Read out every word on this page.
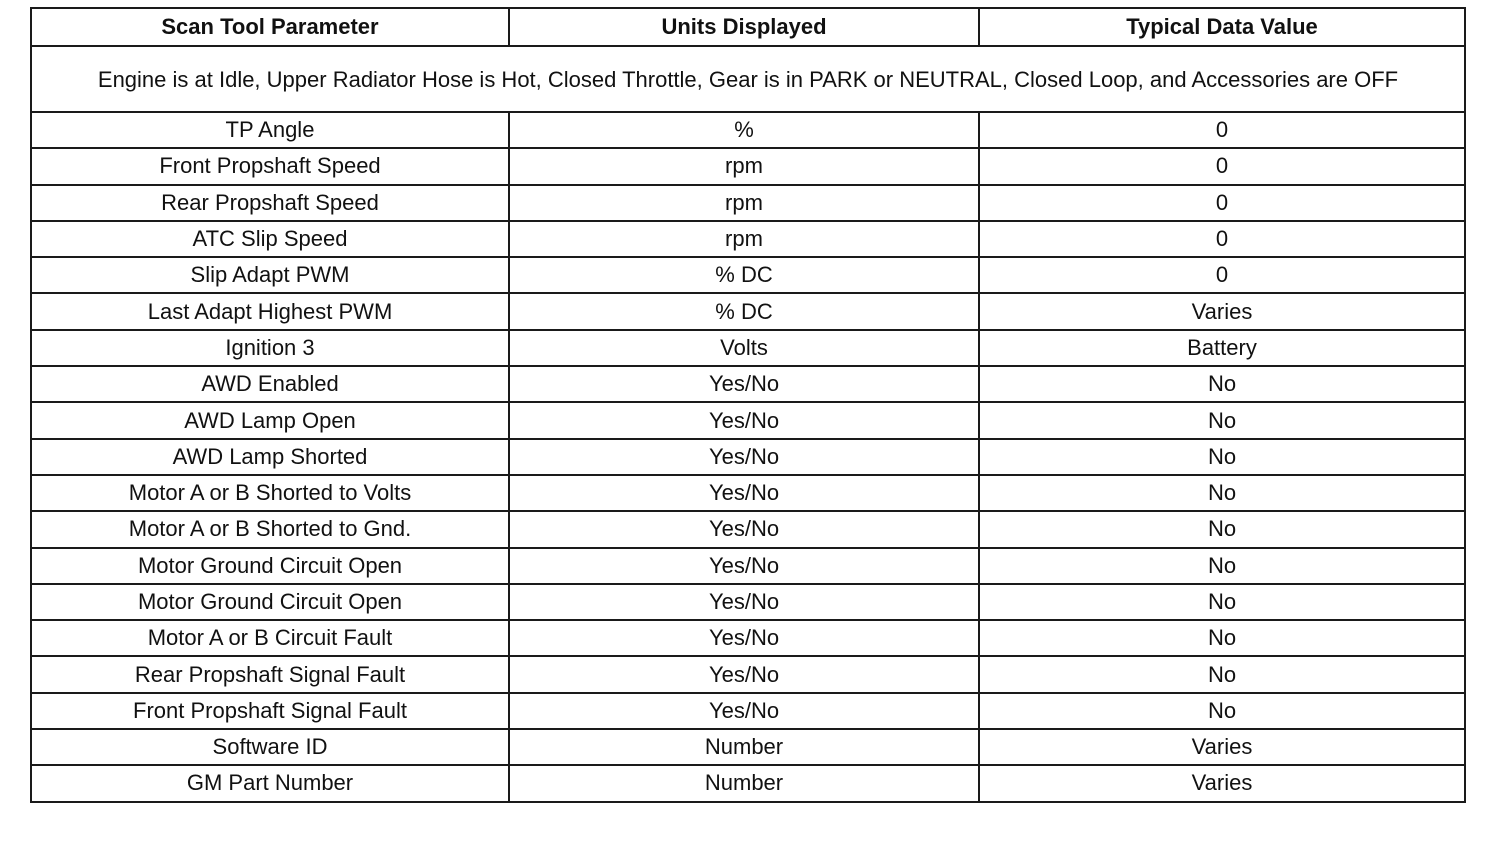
Scan Tool Parameter	Units Displayed	Typical Data Value
Engine is at Idle, Upper Radiator Hose is Hot, Closed Throttle, Gear is in PARK or NEUTRAL, Closed Loop, and Accessories are OFF		
TP Angle	%	0
Front Propshaft Speed	rpm	0
Rear Propshaft Speed	rpm	0
ATC Slip Speed	rpm	0
Slip Adapt PWM	% DC	0
Last Adapt Highest PWM	% DC	Varies
Ignition 3	Volts	Battery
AWD Enabled	Yes/No	No
AWD Lamp Open	Yes/No	No
AWD Lamp Shorted	Yes/No	No
Motor A or B Shorted to Volts	Yes/No	No
Motor A or B Shorted to Gnd.	Yes/No	No
Motor Ground Circuit Open	Yes/No	No
Motor Ground Circuit Open	Yes/No	No
Motor A or B Circuit Fault	Yes/No	No
Rear Propshaft Signal Fault	Yes/No	No
Front Propshaft Signal Fault	Yes/No	No
Software ID	Number	Varies
GM Part Number	Number	Varies
